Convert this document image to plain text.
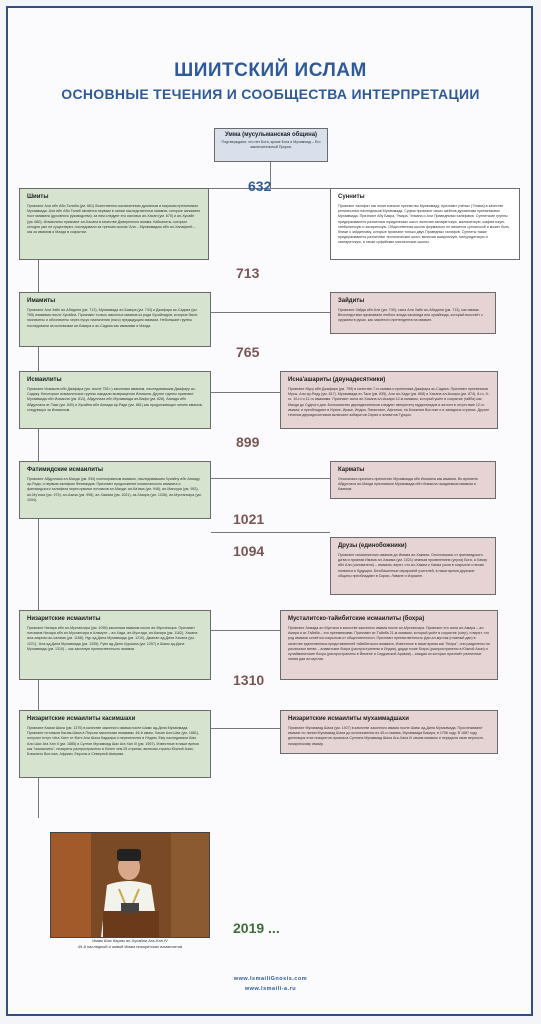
ШИИТСКИЙ ИСЛАМ
ОСНОВНЫЕ ТЕЧЕНИЯ И СООБЩЕСТВА ИНТЕРПРЕТАЦИИ
Умма (мусульманская община)
Подтверждают, что нет Бога, кроме Бога и Мухаммад – Его заключительный Пророк.
632
713
765
899
1021
1094
1310
2019 ...
Шииты
Признают Али ибн Аби Талиба (ум. 661) божественно-назначенным духовным и мирским преемником Мухаммада. Али ибн Аби Талиб является первым в линии наследственных имамов, которые занимают пост имамата (духовного руководства); за ним следуют его сыновья ал-Хасан (ум. 670) и ал-Хусайн (ум. 680). Исмаилиты признают ал-Хасана в качестве Доверенного имама. Кайсаниты, которые сегодня уже не существуют, последовали за третьим сыном 'Али – Мухаммадом ибн ал-Ханафией – как за имамом и Махди в сокрытии.
Сунниты
Признают халифат как политическое преемство Мухаммаду; признают учёных ('Улама) в качестве религиозных наследников Мухаммада. Суфии признают своих шейхов духовными преемниками Мухаммада. Признают Абу Бакра, 'Умара, 'Усмана и Али Праведными халифами. Суннитские группы придерживаются различных юридических школ, включая ханафитскую, маликитскую, шафиитскую, ханбалитскую и захиритскую. Общественная школа формально не является суннитской и может быть ближе к зайдитизму, которые признают только двух Праведных халифов. Сунниты также придерживаются различных теологических школ, включая ашаритскую, матуридитскую и хаятаритскую, а также суфийские мистические школы.
Имамиты
Признают Али Зайн ал-Абидина (ум. 713), Мухаммада ал-Бакира (ум. 743) и Джафара ас-Садика (ум. 765) имамами после Хусайна. Признают только законных имамов из рода Хусайнидов, которые были назначены и обозначены через нусус назначения (насс) предыдущим имамом. Небольшие группы последовали за сыновьями ал-Бакира и ас-Садика как имамами и Махди.
Зайдиты
Признают Зайда ибн Али (ум. 740), сына Али Зайн ал-Абидина (ум. 713), как имама. Впоследствии признавали любого алида хасанида или хусайнида, который восстаёт с оружием в руках, как законного претендента на имамат.
Исмаилиты
Признают Исмаила ибн Джафара (ум. после 755 г.) законным имамом, наследовавшим Джафару ас-Садику. Некоторые исмаилитские группы ожидали возвращения Исмаила. Другие группы признают Мухаммада ибн Исмаила (ум. 813), Абдуллаха ибн Мухаммада ал-Вафи (ум. 828), Ахмада ибн Абдуллаха ат-Таки (ум. 840) и Хусайна ибн Ахмада ар-Ради (ум. 881) как продолжающих линию имамов, следующих за Исмаилом.
Исна'ашариты (двунадесятники)
Признают Мусу ибн Джафара (ум. 799) в качестве 7-го имама и преемника Джафара ас-Садика. Признают преемников Мусы, Али ар-Риду (ум. 817), Мухаммада ат-Таки (ум. 835), Али ал-Хади (ум. 868) и Хасана ал-Аскари (ум. 874), 8-го, 9-го, 10-го и 11-го имамами. Признают сына ал-Хасана ал-Аскари 12-м имамом, который ушёл в сокрытие (гайба) как Махди до Судного дня. Большинство двунадесятников следуют авторитету муджтахидов и аятолл в отсутствие 12-го имама; и преобладают в Иране, Ираке, Индии, Пакистане, Афгании, на Ближнем Востоке и в западных странах. Другие течения двунадесятников включают ахбаритов Сирии и алевитов Турции.
Фатимидские исмаилиты
Признают Абдуллаха ал-Махди (ум. 934) полноправным имамом, наследовавшим Хусайну ибн Ахмаду ар-Ради, и первым халифом Фатимидов. Признают продолжение исмаилитского имамата и фатимидского халифата через прямых потомков ал-Махди: ал-Ка'има (ум. 946), ал-Мансура (ум. 953), ал-Му'изза (ум. 975), ал-Азиза (ум. 996), ал-Хакима (ум. 1021), аз-Захира (ум. 1036), ал-Мустансира (ум. 1094).
Карматы
Отказались признать преемство Мухаммада ибн Исмаила как имамов. Во времена Абдуллаха ал-Махди признавали Мухаммада ибн Исмаила ожидаемым имамом и Каимом.
Друзы (единобожники)
Признают исмаилитских имамов до Имама ал-Хакима. Отколовшись от фатимидского да'ва и признав Имама ал-Хакима (ум. 1021) земным проявлением (ухула) Бога, а Хамзу ибн Али (основателя) – имамом, верят, что ал-Хаким и Хамза ушли в сокрытие и вновь появятся в будущем. Безгбашенные иерархией учителей, в наше время друзские общины преобладают в Сирии, Ливане и Израиле.
Низаритские исмаилиты
Признают Низара ибн ал-Мустансира (ум. 1095) законным имамом после ал-Мустансира. Признают потомков Низара ибн ал-Мустансира в Аламуте – ал-Хади, ал-Мухтади, ал-Кахира (ум. 1162), Хасана ала-зикрихи ас-салама (ум. 1166), Нур ад-Дина Мухаммада (ум. 1210), Джалал ад-Дина Хасана (ум. 1221), 'Ала ад-Дина Мухаммада (ум. 1255), Рукн ад-Дина Хуршаха (ум. 1257) и Шамс ад-Дина Мухаммада (ум. 1310) – как законную преемственность имамов.
Мусталитско-тайибитские исмаилиты (бохра)
Признают Ахмада ал-Мустали в качестве законного имама после ал-Мустансира. Признают его сына ал-Амира – ал-Амира и ат-Тайиба – его преемниками. Признают ат-Тайиба 21-м имамом, который ушёл в сокрытие (сатр), и верят, что род имамов остаётся сокрытым от общественности. Признают преемственность Даи ал-мутлак (главный даи) в качестве единственных представителей тайибитского имамата. Известные в наше время как "бохра", они разделены на различные ветви – алавитские бохра (распространены в Индии), дауди тские бохра (распространены в Южной Азии) и сулайманитские бохра (распространены в Йемене и Саудовской Аравии) – каждая из которых признаёт различные линии даи ал-мутлак.
Низаритские исмаилиты касимшахи
Признают Касим Шаха (ум. 1370) в качестве законного имама после Шамс ад-Дина Мухаммада. Признают потомков Касим-Шаха в Персии законными имамами. 46-й имам, Хасан Али Шах (ум. 1881), получил титул «Ага Хан» от Фатх Али Шаха Каджара и переселился в Индию. Ему наследовали Шах Али Шах Ага Хан II (ум. 1885) и Султан Мухаммад Шах Ага Хан III (ум. 1957). Известные в наше время как "исмаилиты", низариты распространены в более чем 25 странах, включая страны Южной Азии, Ближнего Востока, Африки, Европы и Северной Америки.
Низаритские исмаилиты мухаммадшахи
Признают Мухаммад Шаха (ум. 1407) в качестве законного имама после Шамс ад-Дина Мухаммада. Прослеживают имамат по линии Мухаммад Шаха до исчезновения их 40-го имама, Мухаммада Бакира, в 1796 году. В 1887 году делегация этих низаритов признала Султана Мухаммад Шаха Ага-Хана III своим имамом и передала свою верность низаритскому имаму.
Имам Шах Карим ал-Хусайни Ага-Хан IV
49-й наследный и живой Имам низаритских исмаилитов
www.IsmailiGnosis.com
www.Ismaili-a.ru
